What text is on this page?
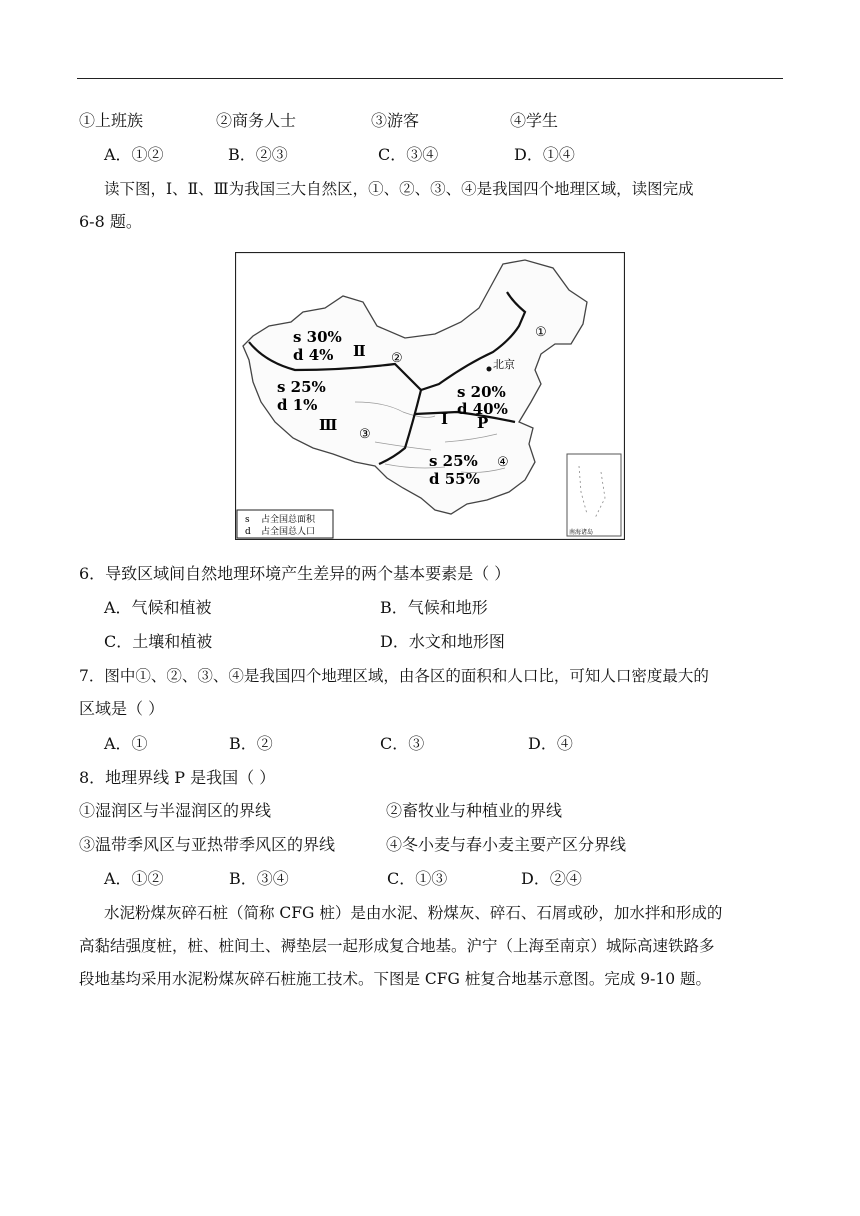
①上班族	②商务人士	③游客	④学生
A．①②	B．②③	C．③④	D．①④
读下图，Ⅰ、Ⅱ、Ⅲ为我国三大自然区，①、②、③、④是我国四个地理区域，读图完成
6-8 题。
s 30%
d 4% Ⅱ ②
s 25%
d 1%
Ⅲ
③
s 20%
d 40%
Ⅰ P
①
北京
s 25%
d 55%
④
s 占全国总面积
d 占全国总人口	南海诸岛
6．导致区域间自然地理环境产生差异的两个基本要素是（ ）
A．气候和植被	B．气候和地形
C．土壤和植被	D．水文和地形图
7．图中①、②、③、④是我国四个地理区域，由各区的面积和人口比，可知人口密度最大的
区域是（ ）
A．①	B．②	C．③	D．④
8．地理界线 P 是我国（ ）
①湿润区与半湿润区的界线	②畜牧业与种植业的界线
③温带季风区与亚热带季风区的界线	④冬小麦与春小麦主要产区分界线
A．①②	B．③④	C．①③	D．②④
水泥粉煤灰碎石桩（简称 CFG 桩）是由水泥、粉煤灰、碎石、石屑或砂，加水拌和形成的
高黏结强度桩，桩、桩间土、褥垫层一起形成复合地基。沪宁（上海至南京）城际高速铁路多
段地基均采用水泥粉煤灰碎石桩施工技术。下图是 CFG 桩复合地基示意图。完成 9-10 题。
